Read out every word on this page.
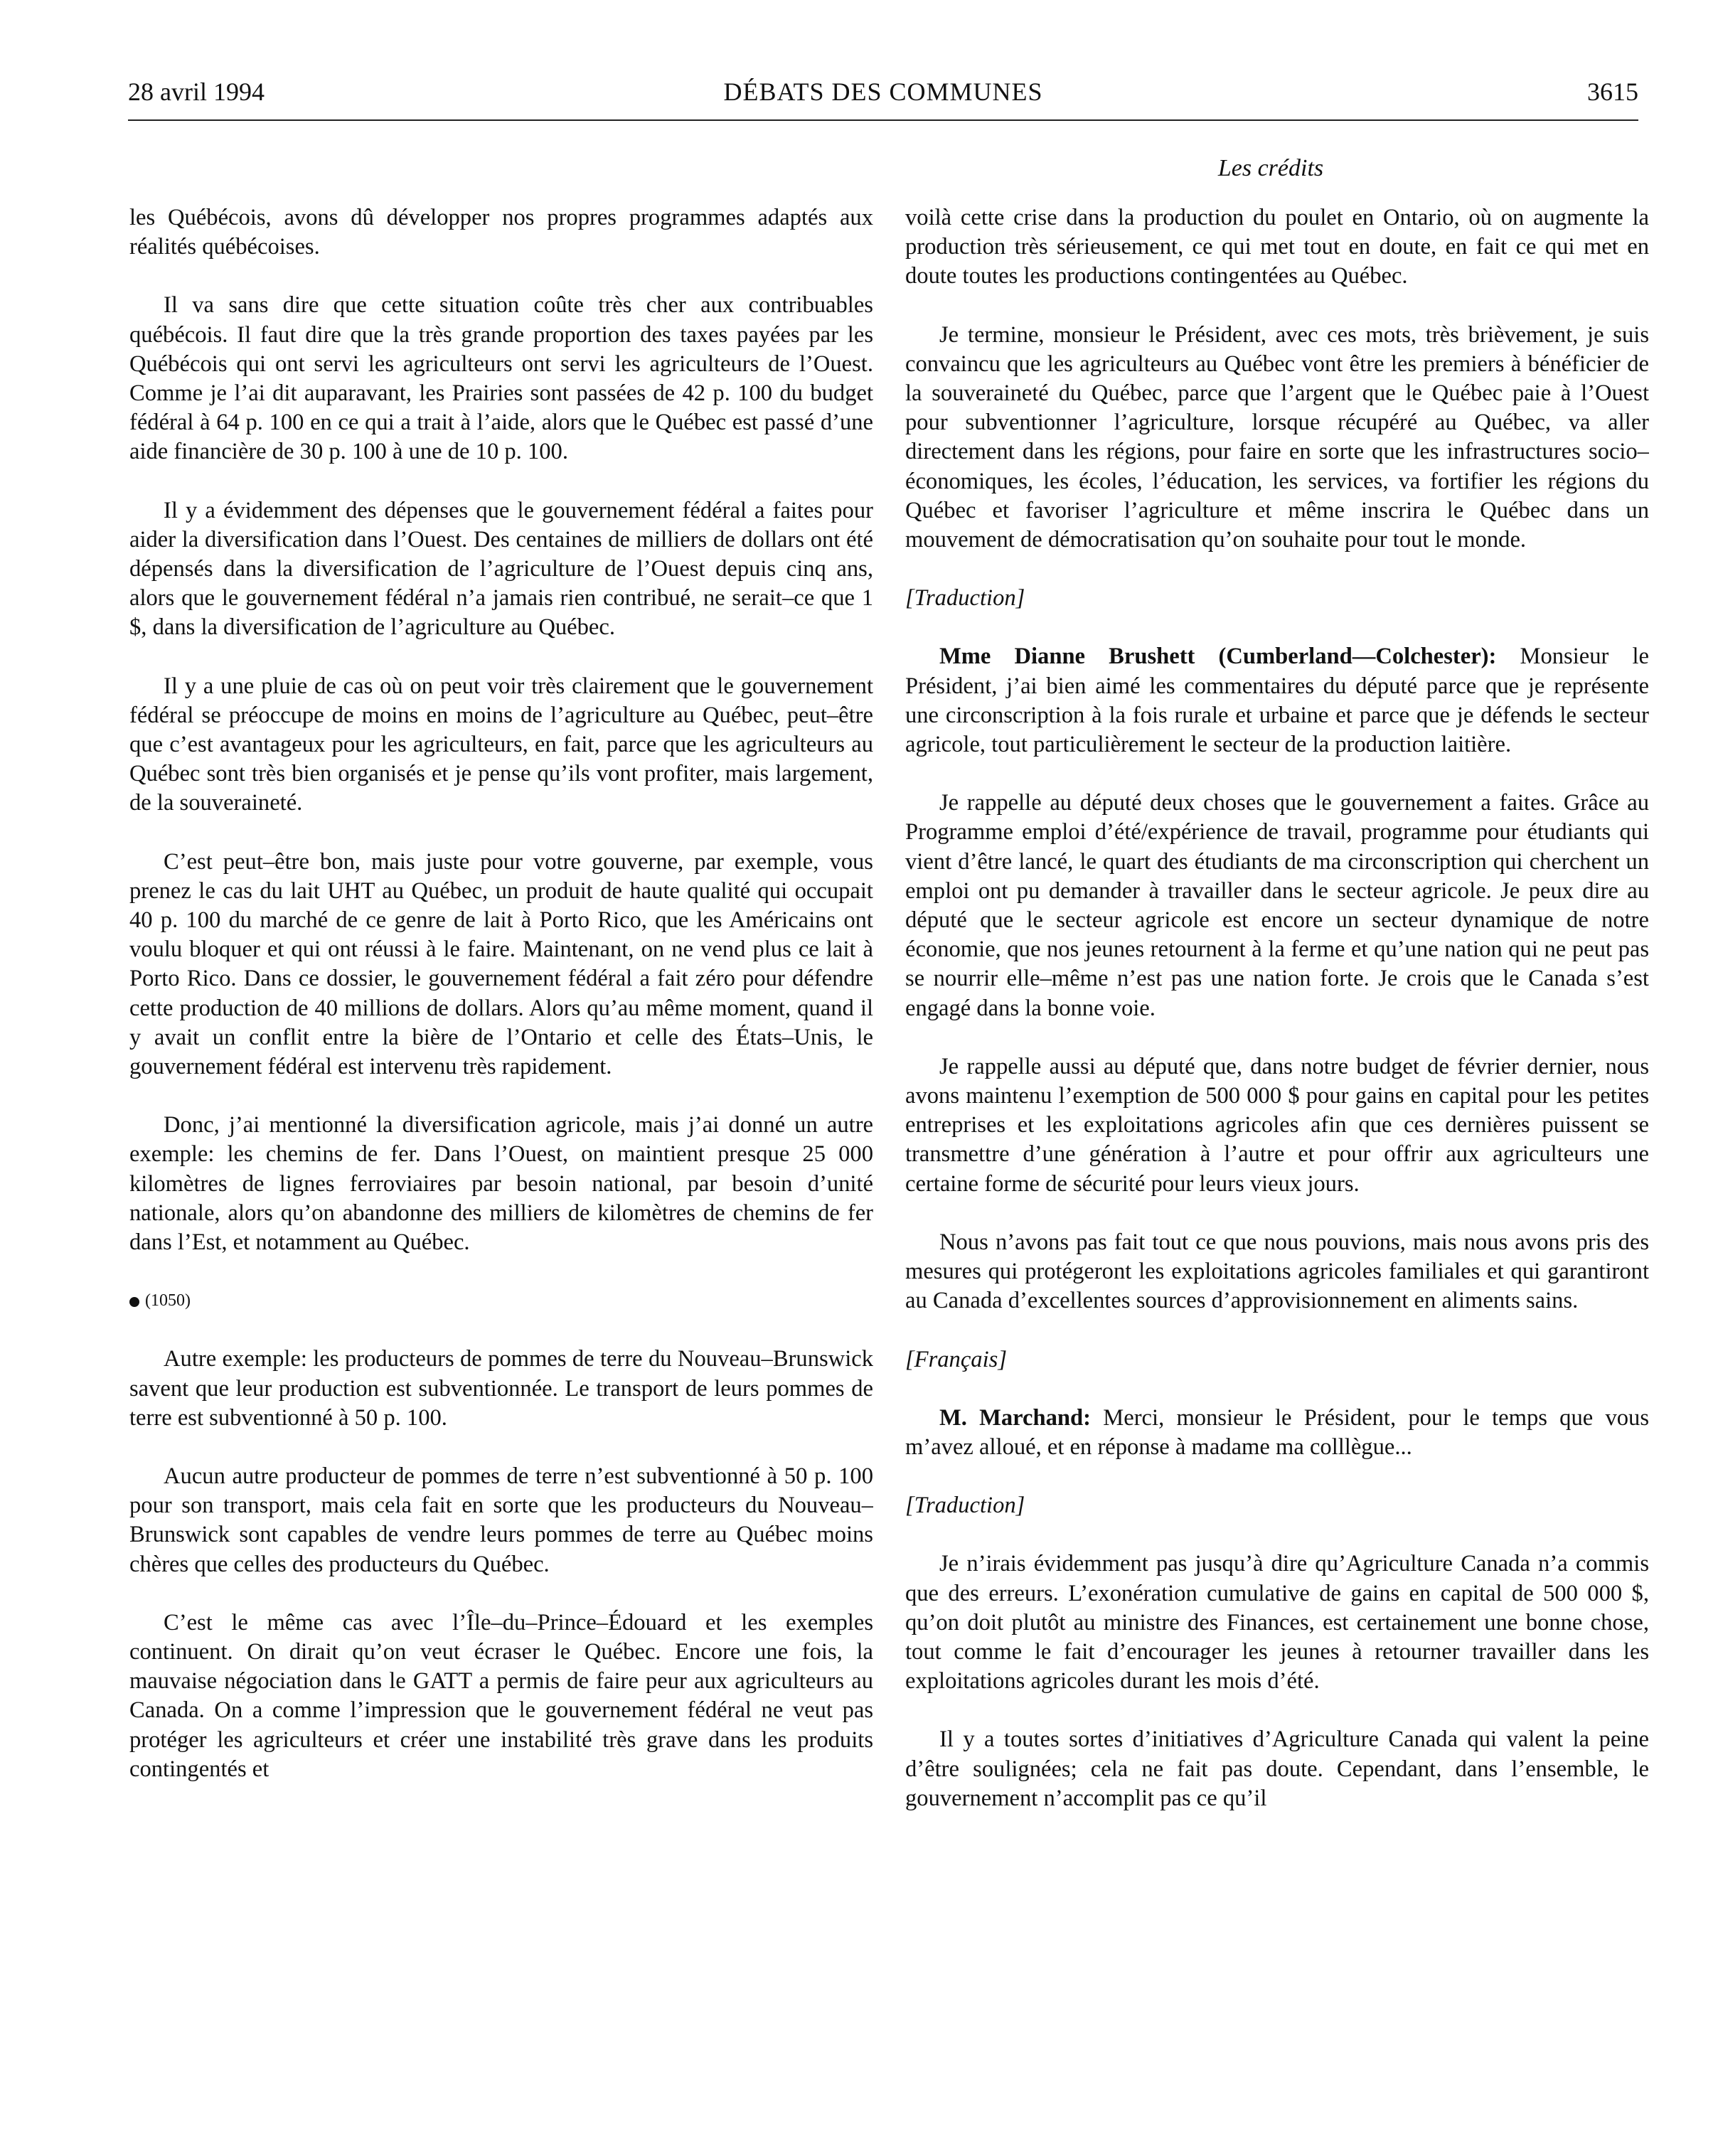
DÉBATS DES COMMUNES
28 avril 1994	3615
Les crédits

les Québécois, avons dû développer nos propres programmes adaptés aux réalités québécoises.

Il va sans dire que cette situation coûte très cher aux contribuables québécois. Il faut dire que la très grande proportion des taxes payées par les Québécois qui ont servi les agriculteurs ont servi les agriculteurs de l’Ouest. Comme je l’ai dit auparavant, les Prairies sont passées de 42 p. 100 du budget fédéral à 64 p. 100 en ce qui a trait à l’aide, alors que le Québec est passé d’une aide financière de 30 p. 100 à une de 10 p. 100.

Il y a évidemment des dépenses que le gouvernement fédéral a faites pour aider la diversification dans l’Ouest. Des centaines de milliers de dollars ont été dépensés dans la diversification de l’agriculture de l’Ouest depuis cinq ans, alors que le gouvernement fédéral n’a jamais rien contribué, ne serait–ce que 1 $, dans la diversification de l’agriculture au Québec.

Il y a une pluie de cas où on peut voir très clairement que le gouvernement fédéral se préoccupe de moins en moins de l’agriculture au Québec, peut–être que c’est avantageux pour les agriculteurs, en fait, parce que les agriculteurs au Québec sont très bien organisés et je pense qu’ils vont profiter, mais largement, de la souveraineté.

C’est peut–être bon, mais juste pour votre gouverne, par exemple, vous prenez le cas du lait UHT au Québec, un produit de haute qualité qui occupait 40 p. 100 du marché de ce genre de lait à Porto Rico, que les Américains ont voulu bloquer et qui ont réussi à le faire. Maintenant, on ne vend plus ce lait à Porto Rico. Dans ce dossier, le gouvernement fédéral a fait zéro pour défendre cette production de 40 millions de dollars. Alors qu’au même moment, quand il y avait un conflit entre la bière de l’Ontario et celle des États–Unis, le gouvernement fédéral est intervenu très rapidement.

Donc, j’ai mentionné la diversification agricole, mais j’ai donné un autre exemple: les chemins de fer. Dans l’Ouest, on maintient presque 25 000 kilomètres de lignes ferroviaires par besoin national, par besoin d’unité nationale, alors qu’on abandonne des milliers de kilomètres de chemins de fer dans l’Est, et notamment au Québec.

(1050)

Autre exemple: les producteurs de pommes de terre du Nouveau–Brunswick savent que leur production est subventionnée. Le transport de leurs pommes de terre est subventionné à 50 p. 100.

Aucun autre producteur de pommes de terre n’est subventionné à 50 p. 100 pour son transport, mais cela fait en sorte que les producteurs du Nouveau–Brunswick sont capables de vendre leurs pommes de terre au Québec moins chères que celles des producteurs du Québec.

C’est le même cas avec l’Île–du–Prince–Édouard et les exemples continuent. On dirait qu’on veut écraser le Québec. Encore une fois, la mauvaise négociation dans le GATT a permis de faire peur aux agriculteurs au Canada. On a comme l’impression que le gouvernement fédéral ne veut pas protéger les agriculteurs et créer une instabilité très grave dans les produits contingentés et

voilà cette crise dans la production du poulet en Ontario, où on augmente la production très sérieusement, ce qui met tout en doute, en fait ce qui met en doute toutes les productions contingentées au Québec.

Je termine, monsieur le Président, avec ces mots, très brièvement, je suis convaincu que les agriculteurs au Québec vont être les premiers à bénéficier de la souveraineté du Québec, parce que l’argent que le Québec paie à l’Ouest pour subventionner l’agriculture, lorsque récupéré au Québec, va aller directement dans les régions, pour faire en sorte que les infrastructures socio–économiques, les écoles, l’éducation, les services, va fortifier les régions du Québec et favoriser l’agriculture et même inscrira le Québec dans un mouvement de démocratisation qu’on souhaite pour tout le monde.

[Traduction]

Mme Dianne Brushett (Cumberland—Colchester): Monsieur le Président, j’ai bien aimé les commentaires du député parce que je représente une circonscription à la fois rurale et urbaine et parce que je défends le secteur agricole, tout particulièrement le secteur de la production laitière.

Je rappelle au député deux choses que le gouvernement a faites. Grâce au Programme emploi d’été/expérience de travail, programme pour étudiants qui vient d’être lancé, le quart des étudiants de ma circonscription qui cherchent un emploi ont pu demander à travailler dans le secteur agricole. Je peux dire au député que le secteur agricole est encore un secteur dynamique de notre économie, que nos jeunes retournent à la ferme et qu’une nation qui ne peut pas se nourrir elle–même n’est pas une nation forte. Je crois que le Canada s’est engagé dans la bonne voie.

Je rappelle aussi au député que, dans notre budget de février dernier, nous avons maintenu l’exemption de 500 000 $ pour gains en capital pour les petites entreprises et les exploitations agricoles afin que ces dernières puissent se transmettre d’une génération à l’autre et pour offrir aux agriculteurs une certaine forme de sécurité pour leurs vieux jours.

Nous n’avons pas fait tout ce que nous pouvions, mais nous avons pris des mesures qui protégeront les exploitations agricoles familiales et qui garantiront au Canada d’excellentes sources d’approvisionnement en aliments sains.

[Français]

M. Marchand: Merci, monsieur le Président, pour le temps que vous m’avez alloué, et en réponse à madame ma colllègue...

[Traduction]

Je n’irais évidemment pas jusqu’à dire qu’Agriculture Canada n’a commis que des erreurs. L’exonération cumulative de gains en capital de 500 000 $, qu’on doit plutôt au ministre des Finances, est certainement une bonne chose, tout comme le fait d’encourager les jeunes à retourner travailler dans les exploitations agricoles durant les mois d’été.

Il y a toutes sortes d’initiatives d’Agriculture Canada qui valent la peine d’être soulignées; cela ne fait pas doute. Cependant, dans l’ensemble, le gouvernement n’accomplit pas ce qu’il
